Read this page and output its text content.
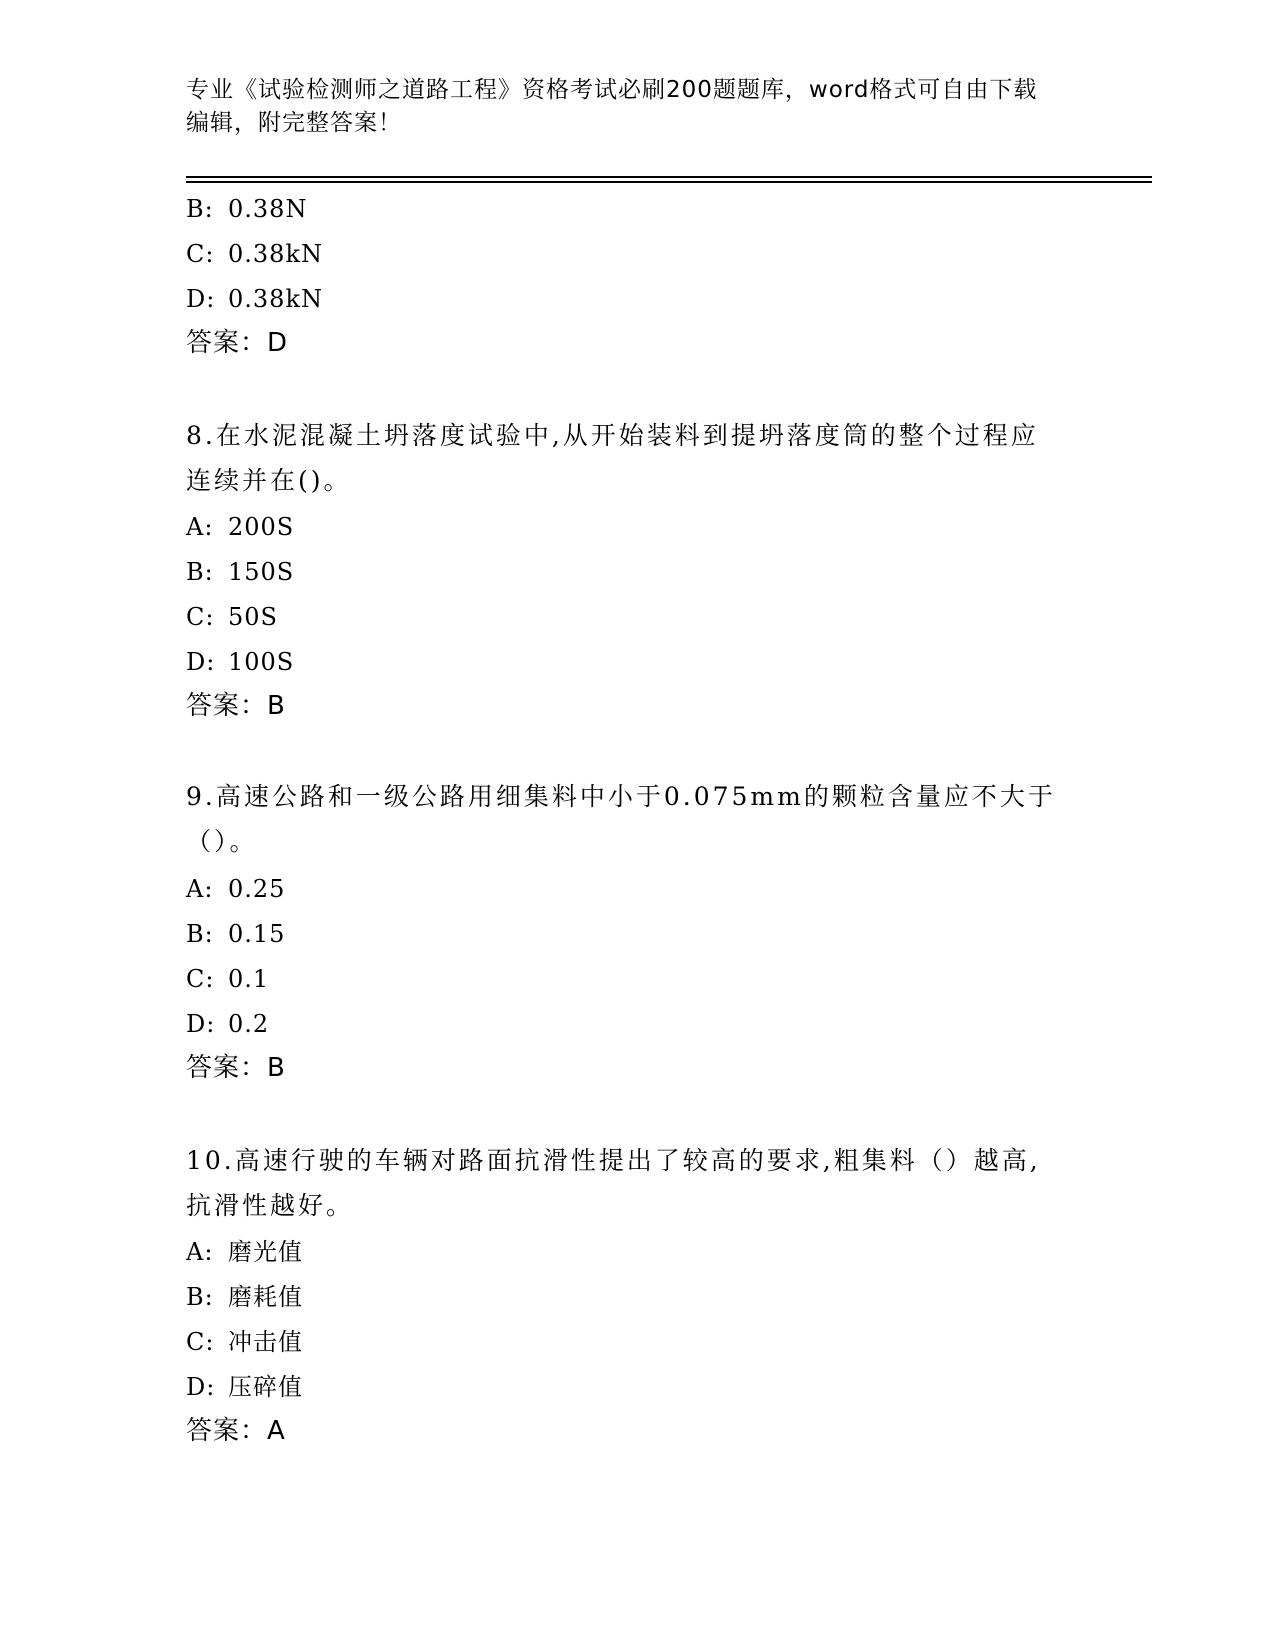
专业《试验检测师之道路工程》资格考试必刷200题题库，word格式可自由下载
编辑，附完整答案！
B: 0.38N
C: 0.38kN
D: 0.38kN
答案：D
8.在水泥混凝土坍落度试验中,从开始装料到提坍落度筒的整个过程应
连续并在()。
A: 200S
B: 150S
C: 50S
D: 100S
答案：B
9.高速公路和一级公路用细集料中小于0.075mm的颗粒含量应不大于
（）。
A: 0.25
B: 0.15
C: 0.1
D: 0.2
答案：B
10.高速行驶的车辆对路面抗滑性提出了较高的要求,粗集料（）越高,
抗滑性越好。
A: 磨光值
B: 磨耗值
C: 冲击值
D: 压碎值
答案：A
